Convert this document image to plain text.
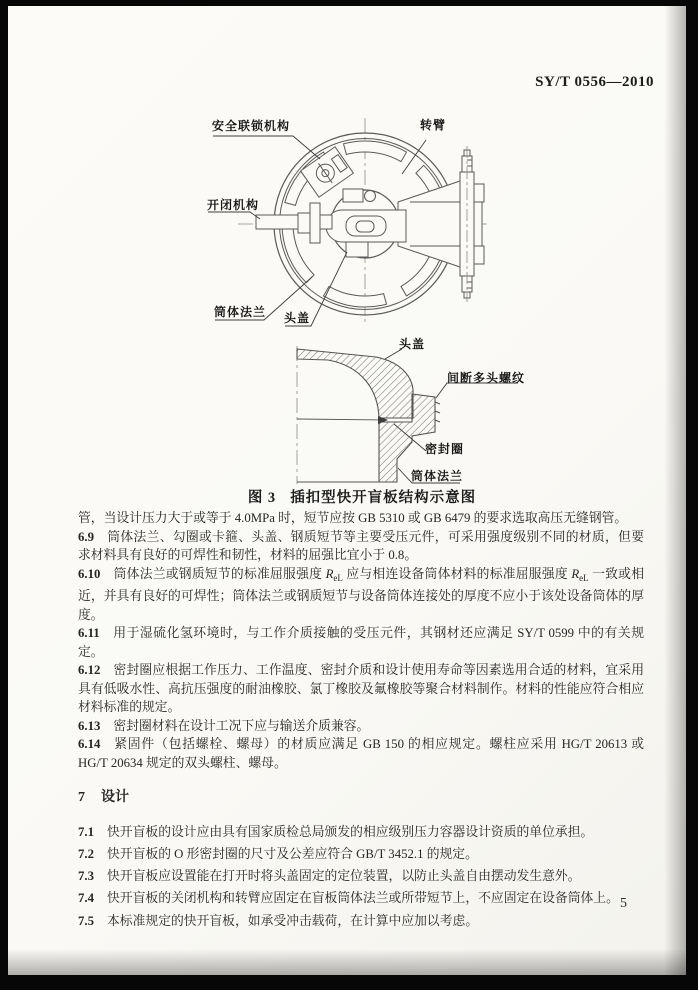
SY/T 0556—2010
安全联锁机构	转臂
开闭机构
筒体法兰 头盖
头盖
间断多头螺纹
密封圈
筒体法兰
图 3 插扣型快开盲板结构示意图

管，当设计压力大于或等于 4.0MPa 时，短节应按 GB 5310 或 GB 6479 的要求选取高压无缝钢管。

6.9 筒体法兰、勾圈或卡箍、头盖、钢质短节等主要受压元件，可采用强度级别不同的材质，但要求材料具有良好的可焊性和韧性，材料的屈强比宜小于 0.8。

6.10 筒体法兰或钢质短节的标准屈服强度 $R_{eL}$ 应与相连设备筒体材料的标准屈服强度 $R_{eL}$ 一致或相近，并具有良好的可焊性；筒体法兰或钢质短节与设备筒体连接处的厚度不应小于该处设备筒体的厚度。

6.11 用于湿硫化氢环境时，与工作介质接触的受压元件，其钢材还应满足 SY/T 0599 中的有关规定。

6.12 密封圈应根据工作压力、工作温度、密封介质和设计使用寿命等因素选用合适的材料，宜采用具有低吸水性、高抗压强度的耐油橡胶、氯丁橡胶及氟橡胶等聚合材料制作。材料的性能应符合相应材料标准的规定。

6.13 密封圈材料在设计工况下应与输送介质兼容。

6.14 紧固件（包括螺栓、螺母）的材质应满足 GB 150 的相应规定。螺柱应采用 HG/T 20613 或 HG/T 20634 规定的双头螺柱、螺母。

7 设计

7.1 快开盲板的设计应由具有国家质检总局颁发的相应级别压力容器设计资质的单位承担。

7.2 快开盲板的 O 形密封圈的尺寸及公差应符合 GB/T 3452.1 的规定。

7.3 快开盲板应设置能在打开时将头盖固定的定位装置，以防止头盖自由摆动发生意外。

7.4 快开盲板的关闭机构和转臂应固定在盲板筒体法兰或所带短节上，不应固定在设备筒体上。

7.5 本标准规定的快开盲板，如承受冲击载荷，在计算中应加以考虑。

5
